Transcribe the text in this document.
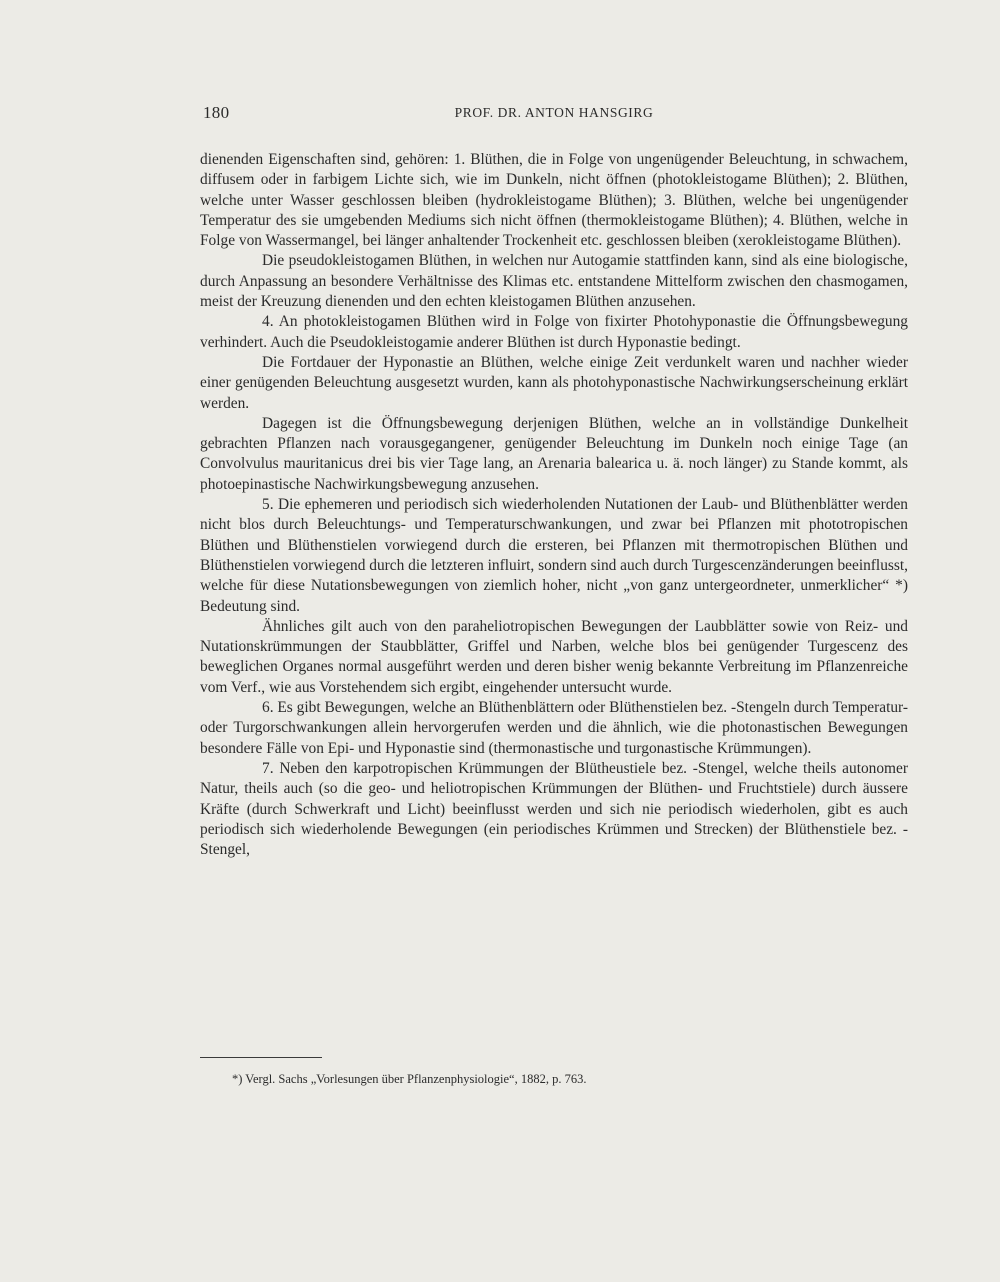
180	PROF. DR. ANTON HANSGIRG

dienenden Eigenschaften sind, gehören: 1. Blüthen, die in Folge von ungenügender Beleuchtung, in schwachem, diffusem oder in farbigem Lichte sich, wie im Dunkeln, nicht öffnen (photokleistogame Blüthen); 2. Blüthen, welche unter Wasser geschlossen bleiben (hydrokleistogame Blüthen); 3. Blüthen, welche bei ungenügender Temperatur des sie umgebenden Mediums sich nicht öffnen (thermokleistogame Blüthen); 4. Blüthen, welche in Folge von Wassermangel, bei länger anhaltender Trockenheit etc. geschlossen bleiben (xerokleistogame Blüthen).

Die pseudokleistogamen Blüthen, in welchen nur Autogamie stattfinden kann, sind als eine biologische, durch Anpassung an besondere Verhältnisse des Klimas etc. entstandene Mittelform zwischen den chasmogamen, meist der Kreuzung dienenden und den echten kleistogamen Blüthen anzusehen.

4. An photokleistogamen Blüthen wird in Folge von fixirter Photohyponastie die Öffnungsbewegung verhindert. Auch die Pseudokleistogamie anderer Blüthen ist durch Hyponastie bedingt.

Die Fortdauer der Hyponastie an Blüthen, welche einige Zeit verdunkelt waren und nachher wieder einer genügenden Beleuchtung ausgesetzt wurden, kann als photohyponastische Nachwirkungserscheinung erklärt werden.

Dagegen ist die Öffnungsbewegung derjenigen Blüthen, welche an in vollständige Dunkelheit gebrachten Pflanzen nach vorausgegangener, genügender Beleuchtung im Dunkeln noch einige Tage (an Convolvulus mauritanicus drei bis vier Tage lang, an Arenaria balearica u. ä. noch länger) zu Stande kommt, als photoepinastische Nachwirkungsbewegung anzusehen.

5. Die ephemeren und periodisch sich wiederholenden Nutationen der Laub- und Blüthenblätter werden nicht blos durch Beleuchtungs- und Temperaturschwankungen, und zwar bei Pflanzen mit phototropischen Blüthen und Blüthenstielen vorwiegend durch die ersteren, bei Pflanzen mit thermotropischen Blüthen und Blüthenstielen vorwiegend durch die letzteren influirt, sondern sind auch durch Turgescenzänderungen beeinflusst, welche für diese Nutationsbewegungen von ziemlich hoher, nicht „von ganz untergeordneter, unmerklicher“ *) Bedeutung sind.

Ähnliches gilt auch von den paraheliotropischen Bewegungen der Laubblätter sowie von Reiz- und Nutationskrümmungen der Staubblätter, Griffel und Narben, welche blos bei genügender Turgescenz des beweglichen Organes normal ausgeführt werden und deren bisher wenig bekannte Verbreitung im Pflanzenreiche vom Verf., wie aus Vorstehendem sich ergibt, eingehender untersucht wurde.

6. Es gibt Bewegungen, welche an Blüthenblättern oder Blüthenstielen bez. -Stengeln durch Temperatur- oder Turgorschwankungen allein hervorgerufen werden und die ähnlich, wie die photonastischen Bewegungen besondere Fälle von Epi- und Hyponastie sind (thermonastische und turgonastische Krümmungen).

7. Neben den karpotropischen Krümmungen der Blütheustiele bez. -Stengel, welche theils autonomer Natur, theils auch (so die geo- und heliotropischen Krümmungen der Blüthen- und Fruchtstiele) durch äussere Kräfte (durch Schwerkraft und Licht) beeinflusst werden und sich nie periodisch wiederholen, gibt es auch periodisch sich wiederholende Bewegungen (ein periodisches Krümmen und Strecken) der Blüthenstiele bez. -Stengel,

*) Vergl. Sachs „Vorlesungen über Pflanzenphysiologie“, 1882, p. 763.
